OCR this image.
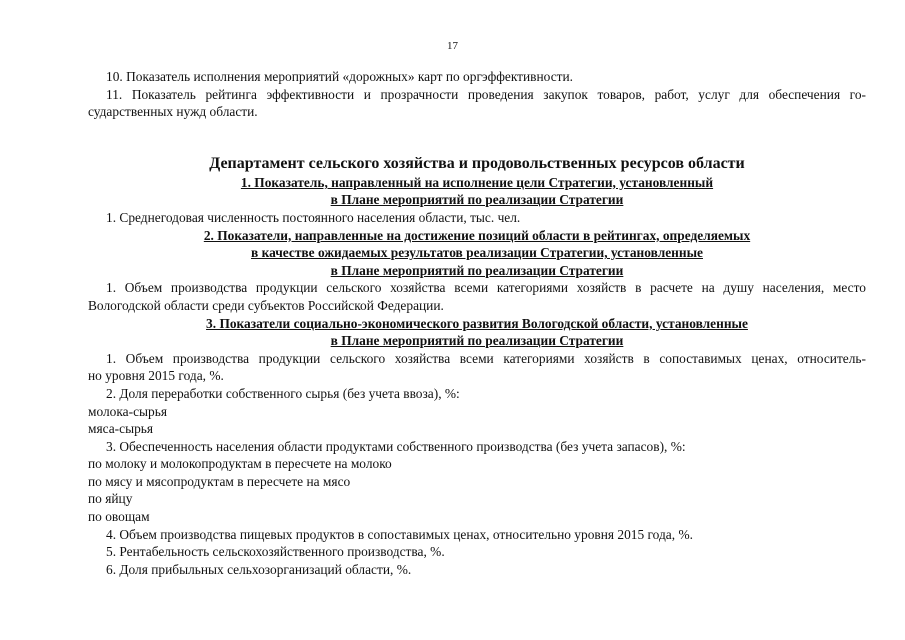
17
10. Показатель исполнения мероприятий «дорожных» карт по оргэффективности.
11. Показатель рейтинга эффективности и прозрачности проведения закупок товаров, работ, услуг для обеспечения го-
сударственных нужд области.
Департамент сельского хозяйства и продовольственных ресурсов области
1. Показатель, направленный на исполнение цели Стратегии, установленный
в Плане мероприятий по реализации Стратегии
1. Среднегодовая численность постоянного населения области, тыс. чел.
2. Показатели, направленные на достижение позиций области в рейтингах, определяемых
в качестве ожидаемых результатов реализации Стратегии, установленные
в Плане мероприятий по реализации Стратегии
1. Объем производства продукции сельского хозяйства всеми категориями хозяйств в расчете на душу населения, место
Вологодской области среди субъектов Российской Федерации.
3. Показатели социально-экономического развития Вологодской области, установленные
в Плане мероприятий по реализации Стратегии
1. Объем производства продукции сельского хозяйства всеми категориями хозяйств в сопоставимых ценах, относитель-
но уровня 2015 года, %.
2. Доля переработки собственного сырья (без учета ввоза), %:
молока-сырья
мяса-сырья
3. Обеспеченность населения области продуктами собственного производства (без учета запасов), %:
по молоку и молокопродуктам в пересчете на молоко
по мясу и мясопродуктам в пересчете на мясо
по яйцу
по овощам
4. Объем производства пищевых продуктов в сопоставимых ценах, относительно уровня 2015 года, %.
5. Рентабельность сельскохозяйственного производства, %.
6. Доля прибыльных сельхозорганизаций области, %.
